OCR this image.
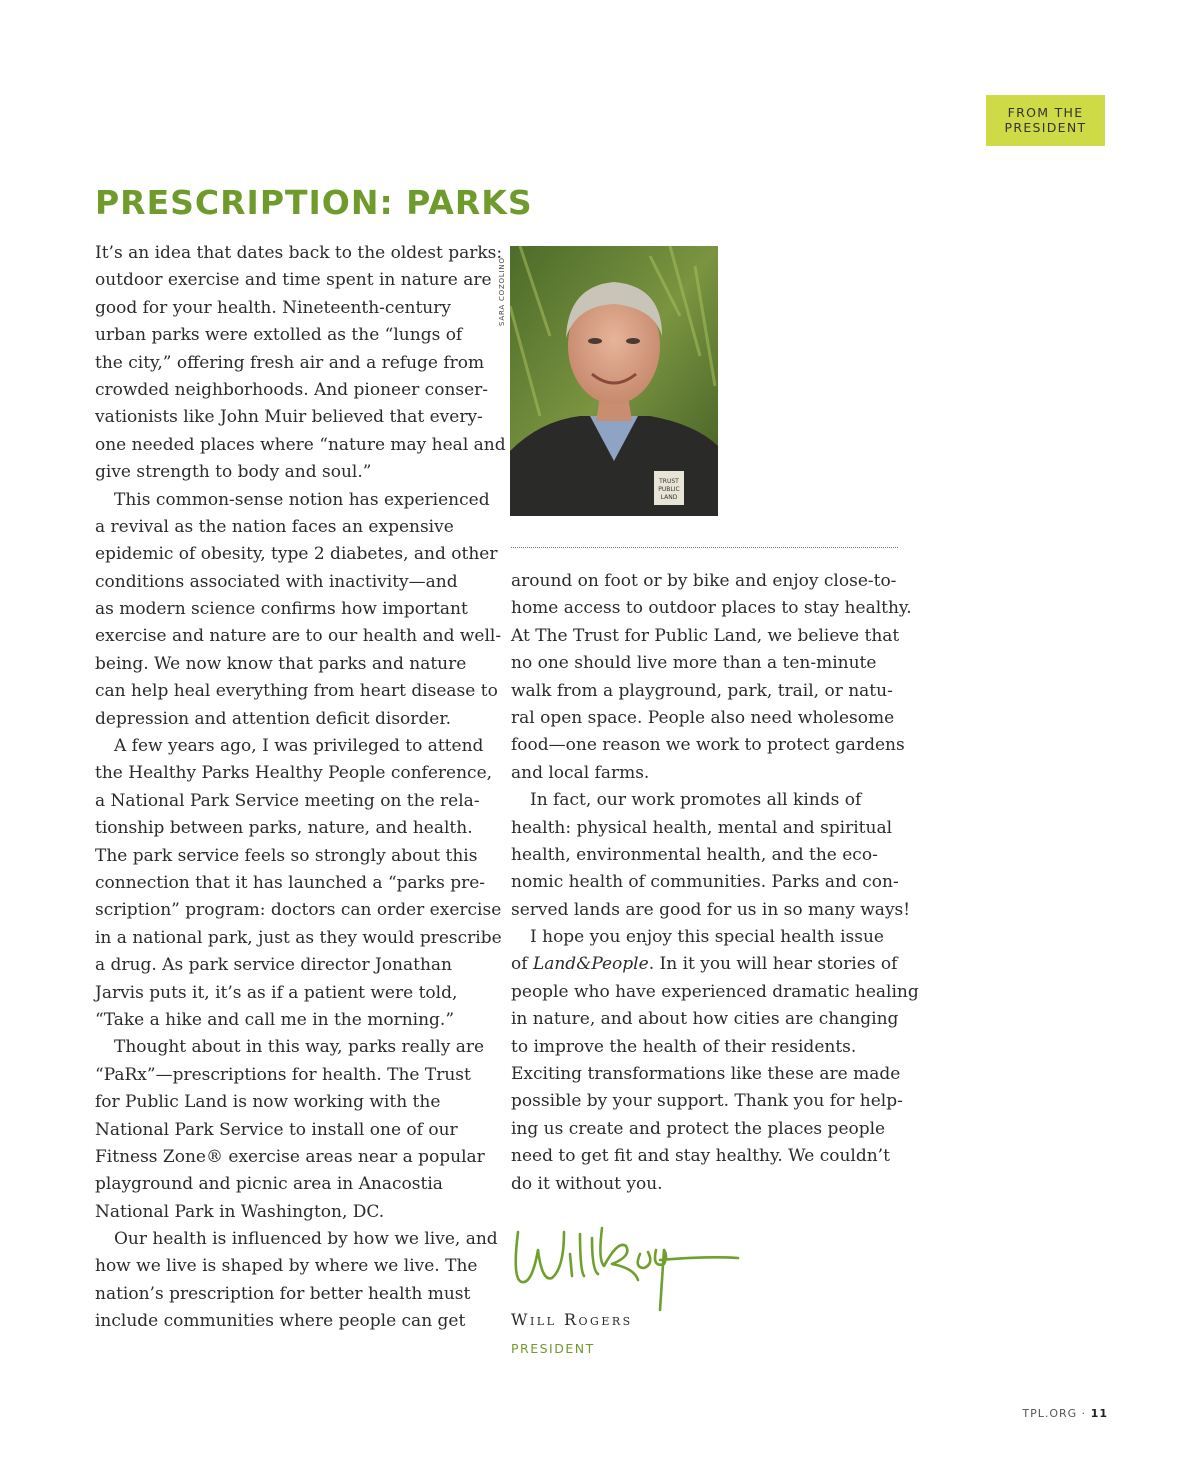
FROM THE
PRESIDENT
PRESCRIPTION: PARKS
It’s an idea that dates back to the oldest parks:
outdoor exercise and time spent in nature are
good for your health. Nineteenth-century
urban parks were extolled as the “lungs of
the city,” offering fresh air and a refuge from
crowded neighborhoods. And pioneer conser-
vationists like John Muir believed that every-
one needed places where “nature may heal and
give strength to body and soul.”
This common-sense notion has experienced
a revival as the nation faces an expensive
epidemic of obesity, type 2 diabetes, and other
conditions associated with inactivity—and
as modern science confirms how important
exercise and nature are to our health and well-
being. We now know that parks and nature
can help heal everything from heart disease to
depression and attention deficit disorder.
A few years ago, I was privileged to attend
the Healthy Parks Healthy People conference,
a National Park Service meeting on the rela-
tionship between parks, nature, and health.
The park service feels so strongly about this
connection that it has launched a “parks pre-
scription” program: doctors can order exercise
in a national park, just as they would prescribe
a drug. As park service director Jonathan
Jarvis puts it, it’s as if a patient were told,
“Take a hike and call me in the morning.”
Thought about in this way, parks really are
“PaRx”—prescriptions for health. The Trust
for Public Land is now working with the
National Park Service to install one of our
Fitness Zone® exercise areas near a popular
playground and picnic area in Anacostia
National Park in Washington, DC.
Our health is influenced by how we live, and
how we live is shaped by where we live. The
nation’s prescription for better health must
include communities where people can get
SARA COZOLINO
TRUST
PUBLIC
LAND
around on foot or by bike and enjoy close-to-
home access to outdoor places to stay healthy.
At The Trust for Public Land, we believe that
no one should live more than a ten-minute
walk from a playground, park, trail, or natu-
ral open space. People also need wholesome
food—one reason we work to protect gardens
and local farms.
In fact, our work promotes all kinds of
health: physical health, mental and spiritual
health, environmental health, and the eco-
nomic health of communities. Parks and con-
served lands are good for us in so many ways!
I hope you enjoy this special health issue
of Land&People. In it you will hear stories of
people who have experienced dramatic healing
in nature, and about how cities are changing
to improve the health of their residents.
Exciting transformations like these are made
possible by your support. Thank you for help-
ing us create and protect the places people
need to get fit and stay healthy. We couldn’t
do it without you.
Will Rogers
PRESIDENT
TPL.ORG · 11
